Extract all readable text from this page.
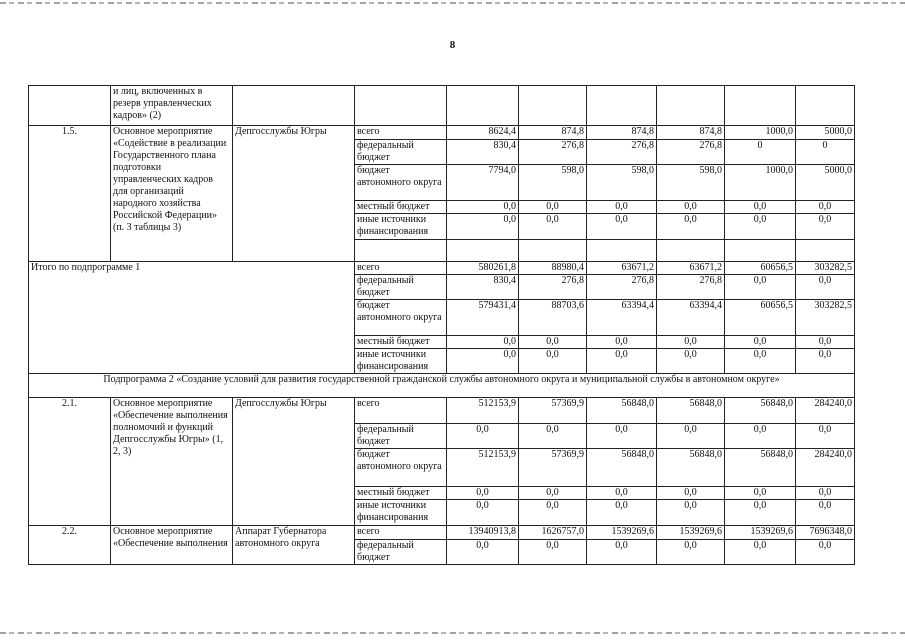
8
	и лиц, включенных в резерв управленческих кадров» (2)								
1.5.	Основное мероприятие «Содействие в реализации Государственного плана подготовки управленческих кадров для организаций народного хозяйства Российской Федерации» (п. 3 таблицы 3)	Депгосслужбы Югры	всего	8624,4	874,8	874,8	874,8	1000,0	5000,0
			федеральный бюджет	830,4	276,8	276,8	276,8	0	0
			бюджет автономного округа	7794,0	598,0	598,0	598,0	1000,0	5000,0
			местный бюджет	0,0	0,0	0,0	0,0	0,0	0,0
			иные источники финансирования	0,0	0,0	0,0	0,0	0,0	0,0

Итого по подпрограмме 1			всего	580261,8	88980,4	63671,2	63671,2	60656,5	303282,5
			федеральный бюджет	830,4	276,8	276,8	276,8	0,0	0,0
			бюджет автономного округа	579431,4	88703,6	63394,4	63394,4	60656,5	303282,5
			местный бюджет	0,0	0,0	0,0	0,0	0,0	0,0
			иные источники финансирования	0,0	0,0	0,0	0,0	0,0	0,0
Подпрограмма 2 «Создание условий для развития государственной гражданской службы автономного округа и муниципальной службы в автономном округе»									
2.1.	Основное мероприятие «Обеспечение выполнения полномочий и функций Депгосслужбы Югры» (1, 2, 3)	Депгосслужбы Югры	всего	512153,9	57369,9	56848,0	56848,0	56848,0	284240,0
			федеральный бюджет	0,0	0,0	0,0	0,0	0,0	0,0
			бюджет автономного округа	512153,9	57369,9	56848,0	56848,0	56848,0	284240,0
			местный бюджет	0,0	0,0	0,0	0,0	0,0	0,0
			иные источники финансирования	0,0	0,0	0,0	0,0	0,0	0,0
2.2.	Основное мероприятие «Обеспечение выполнения	Аппарат Губернатора автономного округа	всего	13940913,8	1626757,0	1539269,6	1539269,6	1539269,6	7696348,0
			федеральный бюджет	0,0	0,0	0,0	0,0	0,0	0,0
